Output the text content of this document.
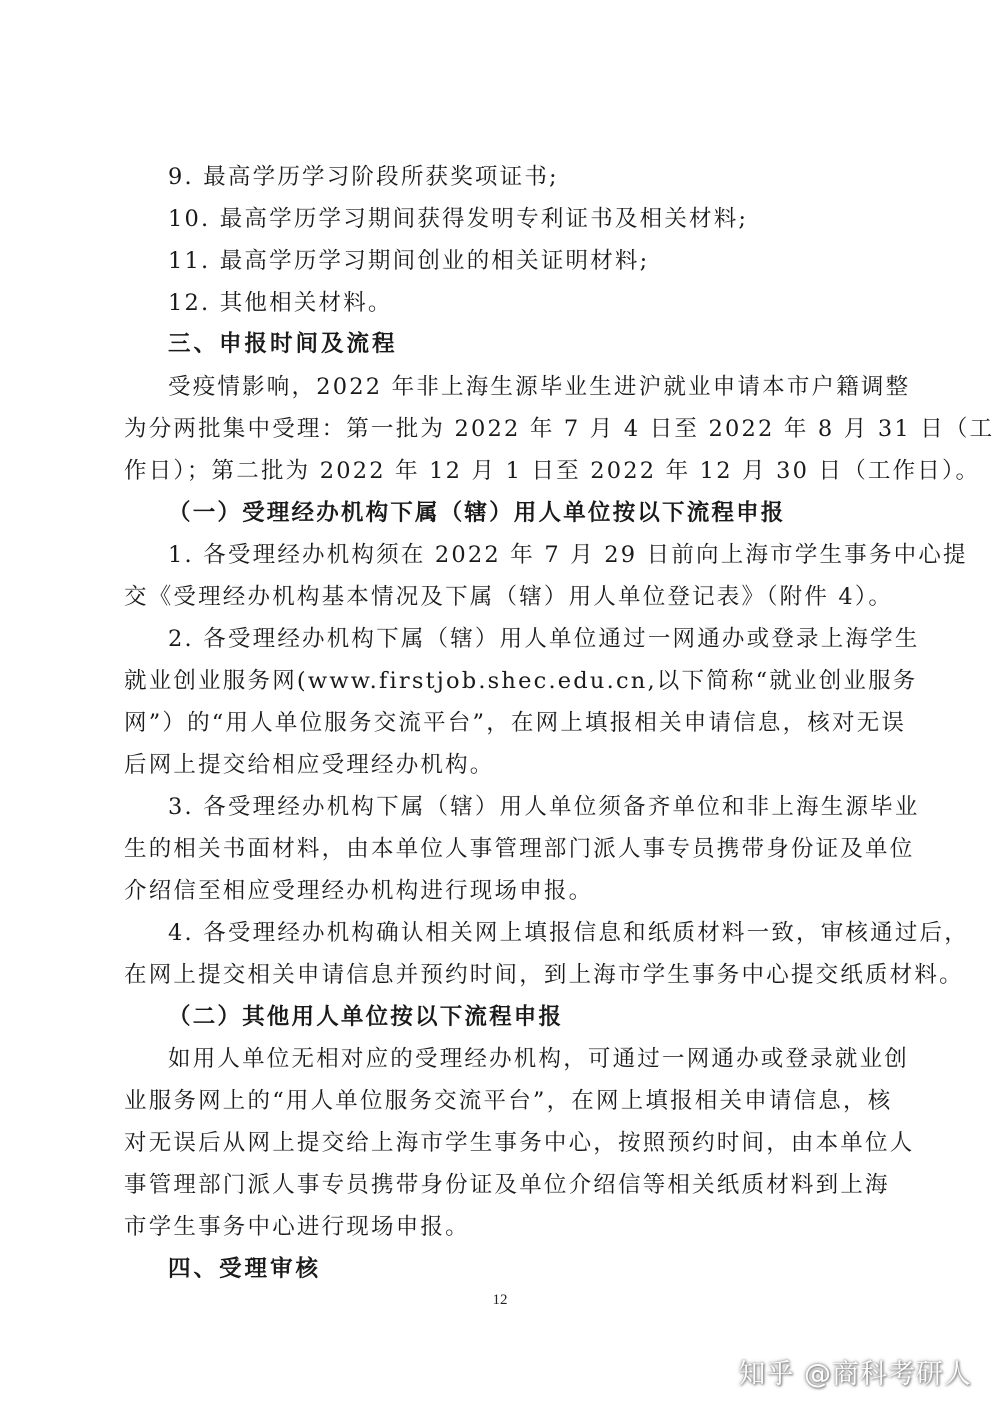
9. 最高学历学习阶段所获奖项证书;
10. 最高学历学习期间获得发明专利证书及相关材料;
11. 最高学历学习期间创业的相关证明材料;
12. 其他相关材料。
三、申报时间及流程
受疫情影响，2022 年非上海生源毕业生进沪就业申请本市户籍调整
为分两批集中受理：第一批为 2022 年 7 月 4 日至 2022 年 8 月 31 日（工
作日）；第二批为 2022 年 12 月 1 日至 2022 年 12 月 30 日（工作日）。
（一）受理经办机构下属（辖）用人单位按以下流程申报
1. 各受理经办机构须在 2022 年 7 月 29 日前向上海市学生事务中心提
交《受理经办机构基本情况及下属（辖）用人单位登记表》（附件 4）。
2. 各受理经办机构下属（辖）用人单位通过一网通办或登录上海学生
就业创业服务网(www.firstjob.shec.edu.cn,以下简称“就业创业服务
网”）的“用人单位服务交流平台”，在网上填报相关申请信息，核对无误
后网上提交给相应受理经办机构。
3. 各受理经办机构下属（辖）用人单位须备齐单位和非上海生源毕业
生的相关书面材料，由本单位人事管理部门派人事专员携带身份证及单位
介绍信至相应受理经办机构进行现场申报。
4. 各受理经办机构确认相关网上填报信息和纸质材料一致，审核通过后，
在网上提交相关申请信息并预约时间，到上海市学生事务中心提交纸质材料。
（二）其他用人单位按以下流程申报
如用人单位无相对应的受理经办机构，可通过一网通办或登录就业创
业服务网上的“用人单位服务交流平台”，在网上填报相关申请信息，核
对无误后从网上提交给上海市学生事务中心，按照预约时间，由本单位人
事管理部门派人事专员携带身份证及单位介绍信等相关纸质材料到上海
市学生事务中心进行现场申报。
四、受理审核
12
知乎 @商科考研人
